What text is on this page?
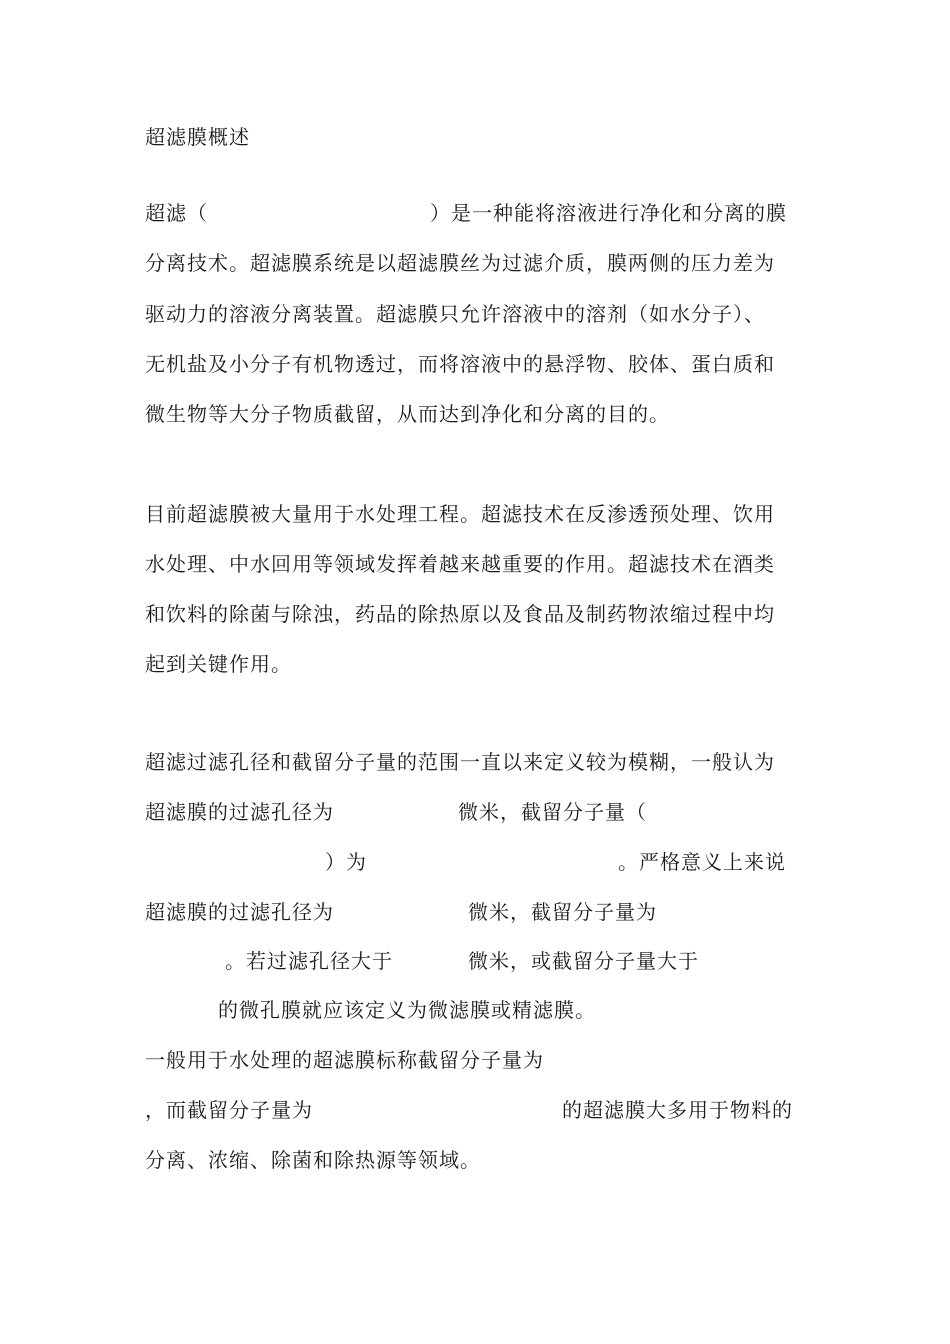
超滤膜概述
超滤（	）是一种能将溶液进行净化和分离的膜
分离技术。超滤膜系统是以超滤膜丝为过滤介质，膜两侧的压力差为
驱动力的溶液分离装置。超滤膜只允许溶液中的溶剂（如水分子）、
无机盐及小分子有机物透过，而将溶液中的悬浮物、胶体、蛋白质和
微生物等大分子物质截留，从而达到净化和分离的目的。
目前超滤膜被大量用于水处理工程。超滤技术在反渗透预处理、饮用
水处理、中水回用等领域发挥着越来越重要的作用。超滤技术在酒类
和饮料的除菌与除浊，药品的除热原以及食品及制药物浓缩过程中均
起到关键作用。
超滤过滤孔径和截留分子量的范围一直以来定义较为模糊，一般认为
超滤膜的过滤孔径为	微米，截留分子量（
）为	。严格意义上来说
超滤膜的过滤孔径为	微米，截留分子量为
。若过滤孔径大于	微米，或截留分子量大于
的微孔膜就应该定义为微滤膜或精滤膜。
一般用于水处理的超滤膜标称截留分子量为
，而截留分子量为	的超滤膜大多用于物料的
分离、浓缩、除菌和除热源等领域。
